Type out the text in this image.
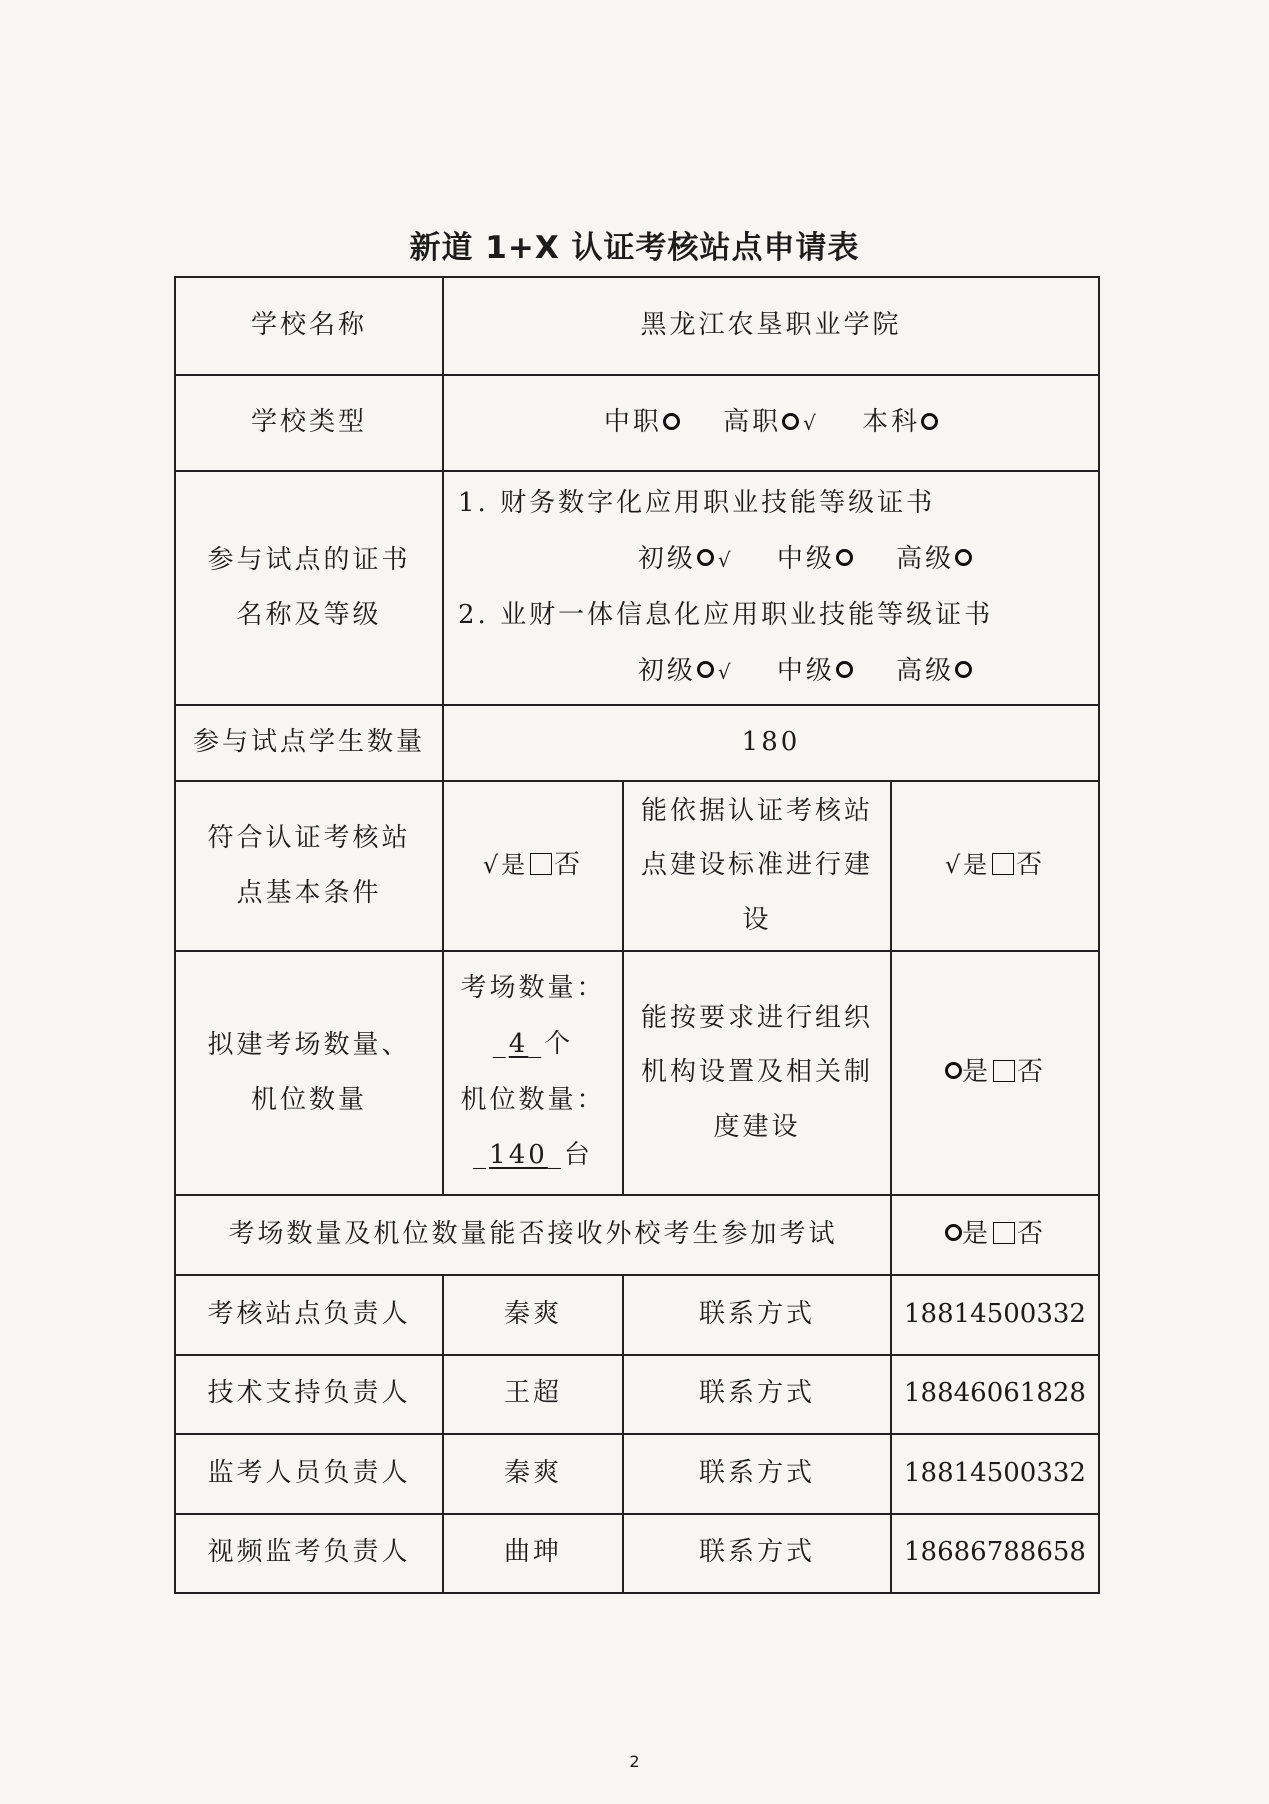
新道 1+X 认证考核站点申请表
学校名称	黑龙江农垦职业学院		
学校类型	中职 高职 √ 本科		
参与试点的证书名称及等级	1. 财务数字化应用职业技能等级证书
初级 √ 中级 高级
2. 业财一体信息化应用职业技能等级证书
初级 √ 中级 高级		

参与试点学生数量	180		
符合认证考核站点基本条件	√是 否	能依据认证考核站点建设标准进行建设	√是 否
拟建考场数量、机位数量	考场数量：
_4_个
机位数量：
_140_台	能按要求进行组织机构设置及相关制度建设	是 否
考场数量及机位数量能否接收外校考生参加考试			是 否
考核站点负责人	秦爽	联系方式	18814500332
技术支持负责人	王超	联系方式	18846061828
监考人员负责人	秦爽	联系方式	18814500332
视频监考负责人	曲珅	联系方式	18686788658
2
